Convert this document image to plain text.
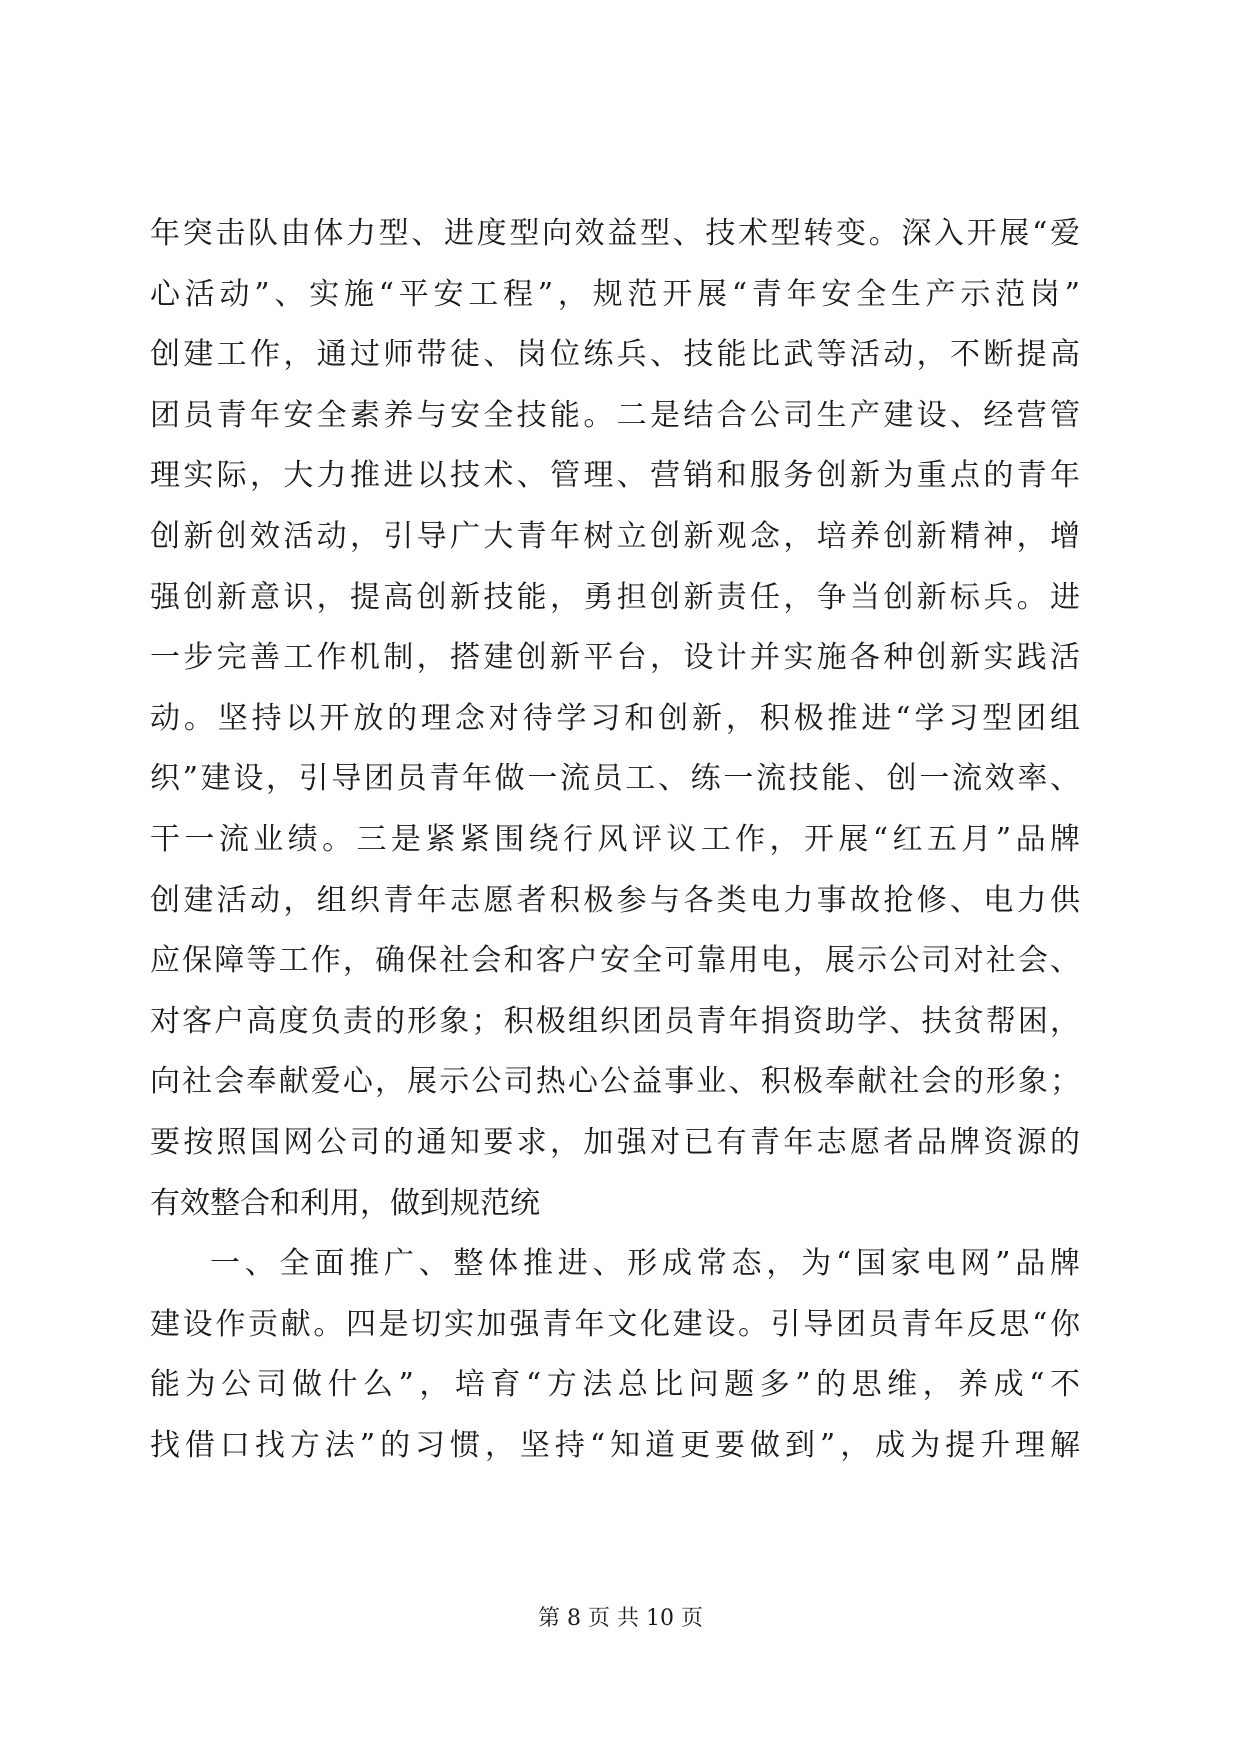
年突击队由体力型、进度型向效益型、技术型转变。深入开展“爱
心活动”、实施“平安工程”，规范开展“青年安全生产示范岗”
创建工作，通过师带徒、岗位练兵、技能比武等活动，不断提高
团员青年安全素养与安全技能。二是结合公司生产建设、经营管
理实际，大力推进以技术、管理、营销和服务创新为重点的青年
创新创效活动，引导广大青年树立创新观念，培养创新精神，增
强创新意识，提高创新技能，勇担创新责任，争当创新标兵。进
一步完善工作机制，搭建创新平台，设计并实施各种创新实践活
动。坚持以开放的理念对待学习和创新，积极推进“学习型团组
织”建设，引导团员青年做一流员工、练一流技能、创一流效率、
干一流业绩。三是紧紧围绕行风评议工作，开展“红五月”品牌
创建活动，组织青年志愿者积极参与各类电力事故抢修、电力供
应保障等工作，确保社会和客户安全可靠用电，展示公司对社会、
对客户高度负责的形象；积极组织团员青年捐资助学、扶贫帮困，
向社会奉献爱心，展示公司热心公益事业、积极奉献社会的形象；
要按照国网公司的通知要求，加强对已有青年志愿者品牌资源的
有效整合和利用，做到规范统
一、全面推广、整体推进、形成常态，为“国家电网”品牌
建设作贡献。四是切实加强青年文化建设。引导团员青年反思“你
能为公司做什么”，培育“方法总比问题多”的思维，养成“不
找借口找方法”的习惯，坚持“知道更要做到”，成为提升理解
第 8 页 共 10 页
